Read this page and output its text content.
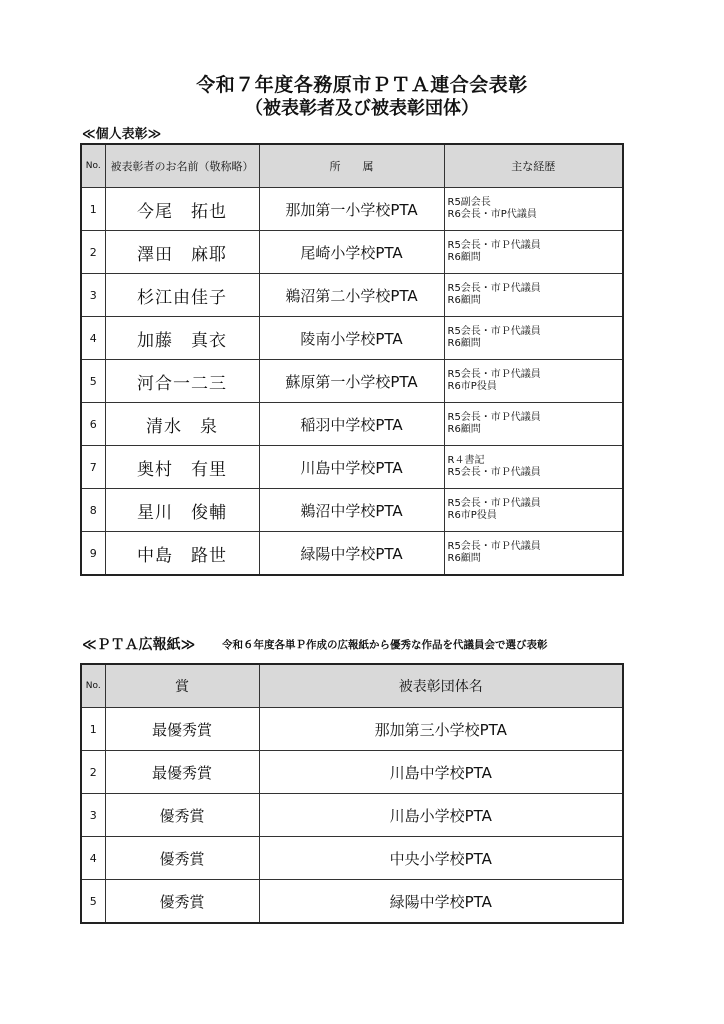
令和７年度各務原市ＰＴＡ連合会表彰
（被表彰者及び被表彰団体）
≪個人表彰≫
No.	被表彰者のお名前（敬称略）	所　　属	主な経歴
1	今尾　拓也	那加第一小学校PTA	R5副会長
R6会長・市P代議員

2	澤田　麻耶	尾崎小学校PTA	R5会長・市Ｐ代議員
R6顧問

3	杉江由佳子	鵜沼第二小学校PTA	R5会長・市Ｐ代議員
R6顧問

4	加藤　真衣	陵南小学校PTA	R5会長・市Ｐ代議員
R6顧問

5	河合一二三	蘇原第一小学校PTA	R5会長・市Ｐ代議員
R6市P役員

6	清水　泉	稲羽中学校PTA	R5会長・市Ｐ代議員
R6顧問

7	奥村　有里	川島中学校PTA	R４書記
R5会長・市Ｐ代議員

8	星川　俊輔	鵜沼中学校PTA	R5会長・市Ｐ代議員
R6市P役員

9	中島　路世	緑陽中学校PTA	R5会長・市Ｐ代議員
R6顧問
≪ＰＴＡ広報紙≫	令和６年度各単Ｐ作成の広報紙から優秀な作品を代議員会で選び表彰
No.	賞	被表彰団体名
1	最優秀賞	那加第三小学校PTA
2	最優秀賞	川島中学校PTA
3	優秀賞	川島小学校PTA
4	優秀賞	中央小学校PTA
5	優秀賞	緑陽中学校PTA
